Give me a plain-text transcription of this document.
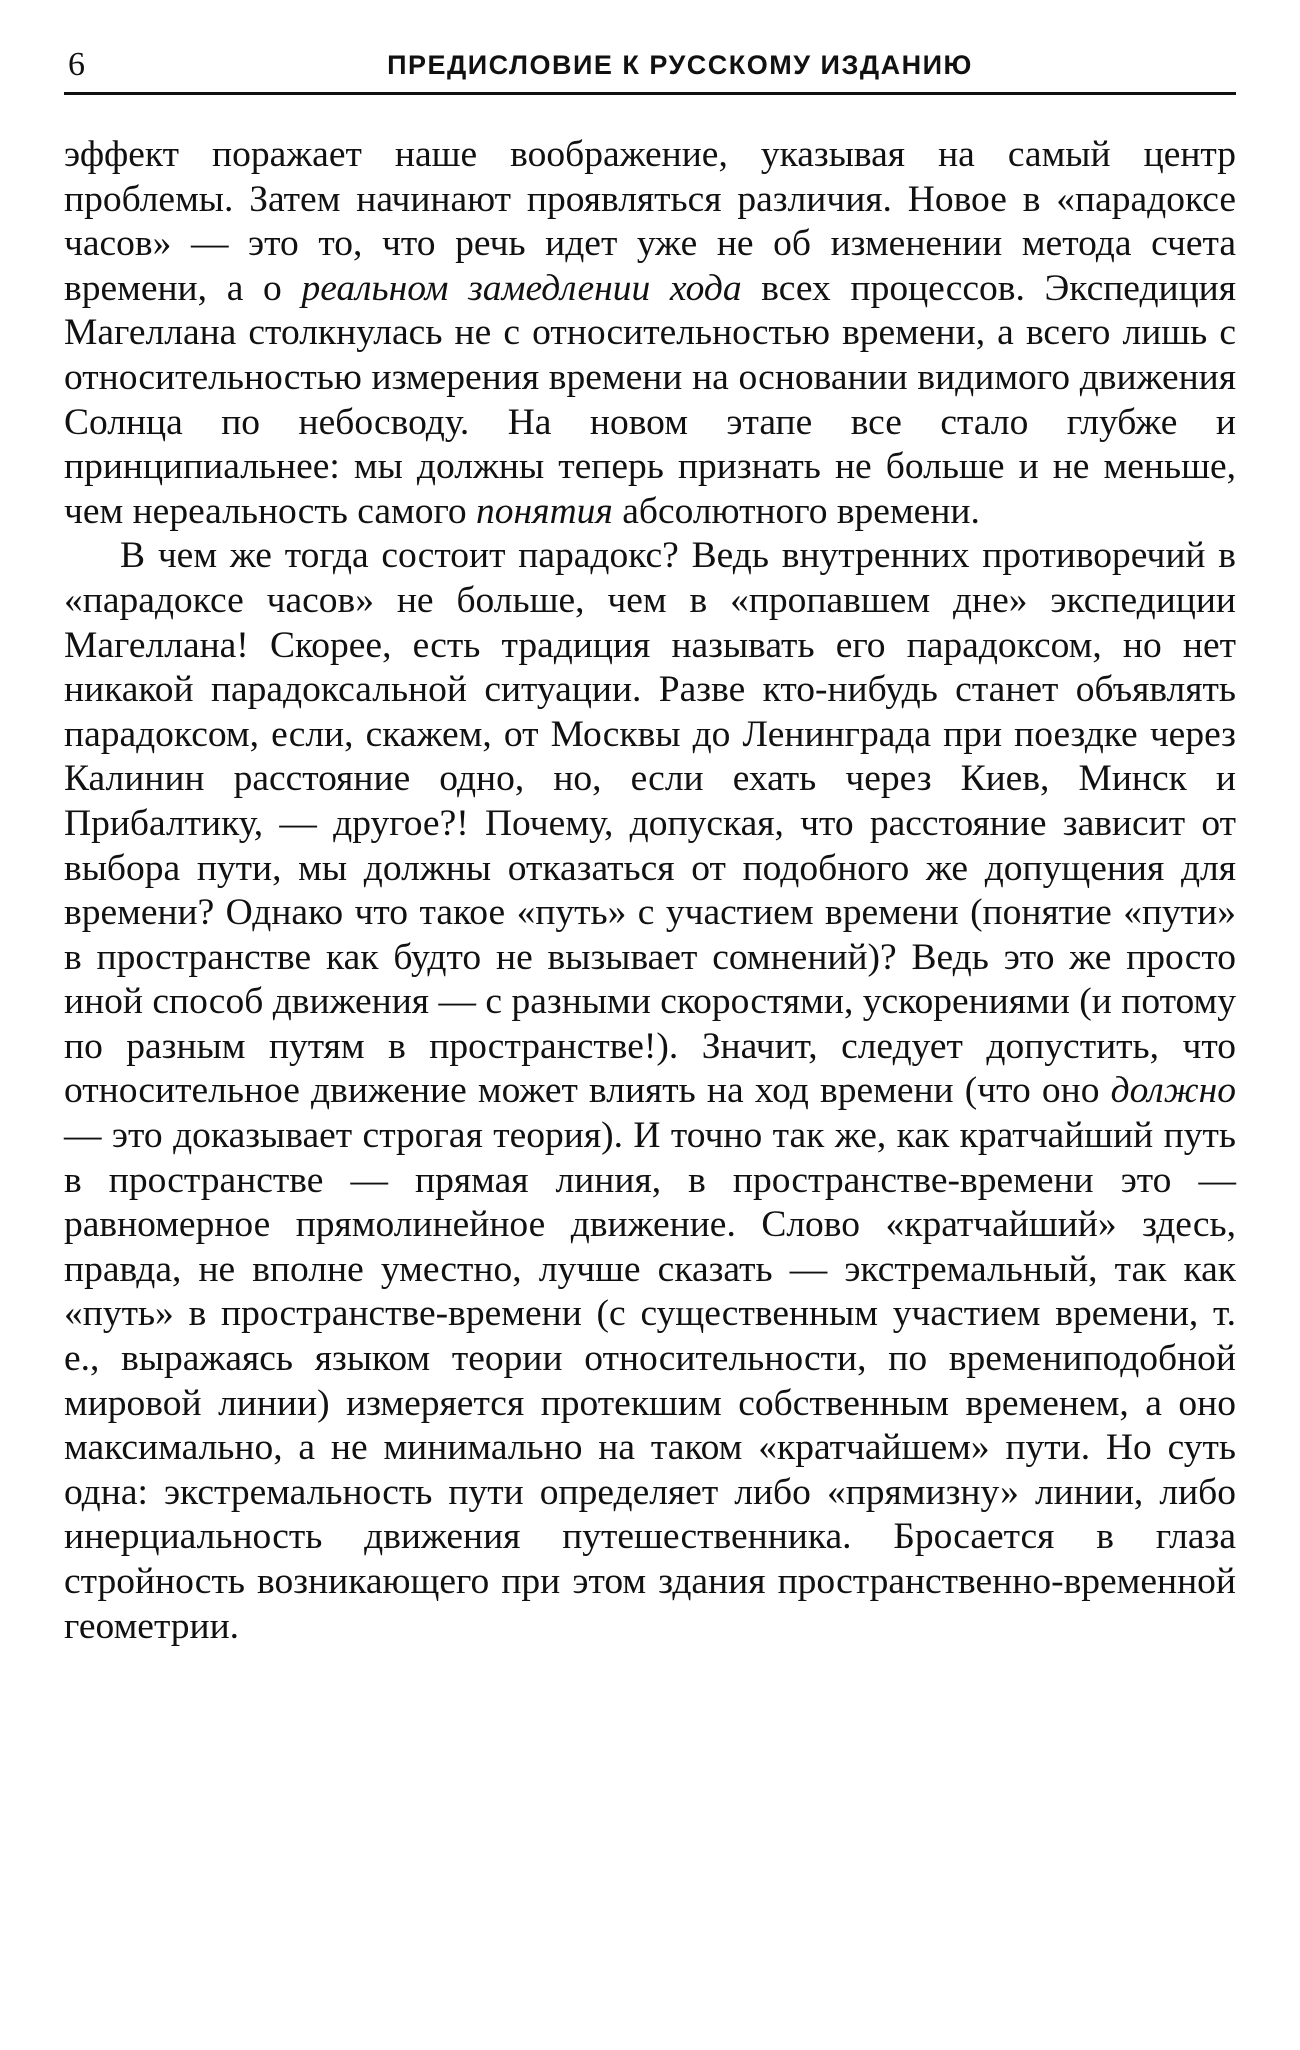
6	ПРЕДИСЛОВИЕ К РУССКОМУ ИЗДАНИЮ

эффект поражает наше воображение, указывая на самый центр проблемы. Затем начинают проявляться различия. Новое в «парадоксе часов» — это то, что речь идет уже не об изменении метода счета времени, а о реальном замедлении хода всех процессов. Экспедиция Магеллана столкнулась не с относительностью времени, а всего лишь с относительностью измерения времени на основании видимого движения Солнца по небосводу. На новом этапе все стало глубже и принципиальнее: мы должны теперь признать не больше и не меньше, чем нереальность самого понятия абсолютного времени.

В чем же тогда состоит парадокс? Ведь внутренних противоречий в «парадоксе часов» не больше, чем в «пропавшем дне» экспедиции Магеллана! Скорее, есть традиция называть его парадоксом, но нет никакой парадоксальной ситуации. Разве кто-нибудь станет объявлять парадоксом, если, скажем, от Москвы до Ленинграда при поездке через Калинин расстояние одно, но, если ехать через Киев, Минск и Прибалтику, — другое?! Почему, допуская, что расстояние зависит от выбора пути, мы должны отказаться от подобного же допущения для времени? Однако что такое «путь» с участием времени (понятие «пути» в пространстве как будто не вызывает сомнений)? Ведь это же просто иной способ движения — с разными скоростями, ускорениями (и потому по разным путям в пространстве!). Значит, следует допустить, что относительное движение может влиять на ход времени (что оно должно — это доказывает строгая теория). И точно так же, как кратчайший путь в пространстве — прямая линия, в пространстве-времени это — равномерное прямолинейное движение. Слово «кратчайший» здесь, правда, не вполне уместно, лучше сказать — экстремальный, так как «путь» в пространстве-времени (с существенным участием времени, т. е., выражаясь языком теории относительности, по времениподобной мировой линии) измеряется протекшим собственным временем, а оно максимально, а не минимально на таком «кратчайшем» пути. Но суть одна: экстремальность пути определяет либо «прямизну» линии, либо инерциальность движения путешественника. Бросается в глаза стройность возникающего при этом здания пространственно-временной геометрии.
